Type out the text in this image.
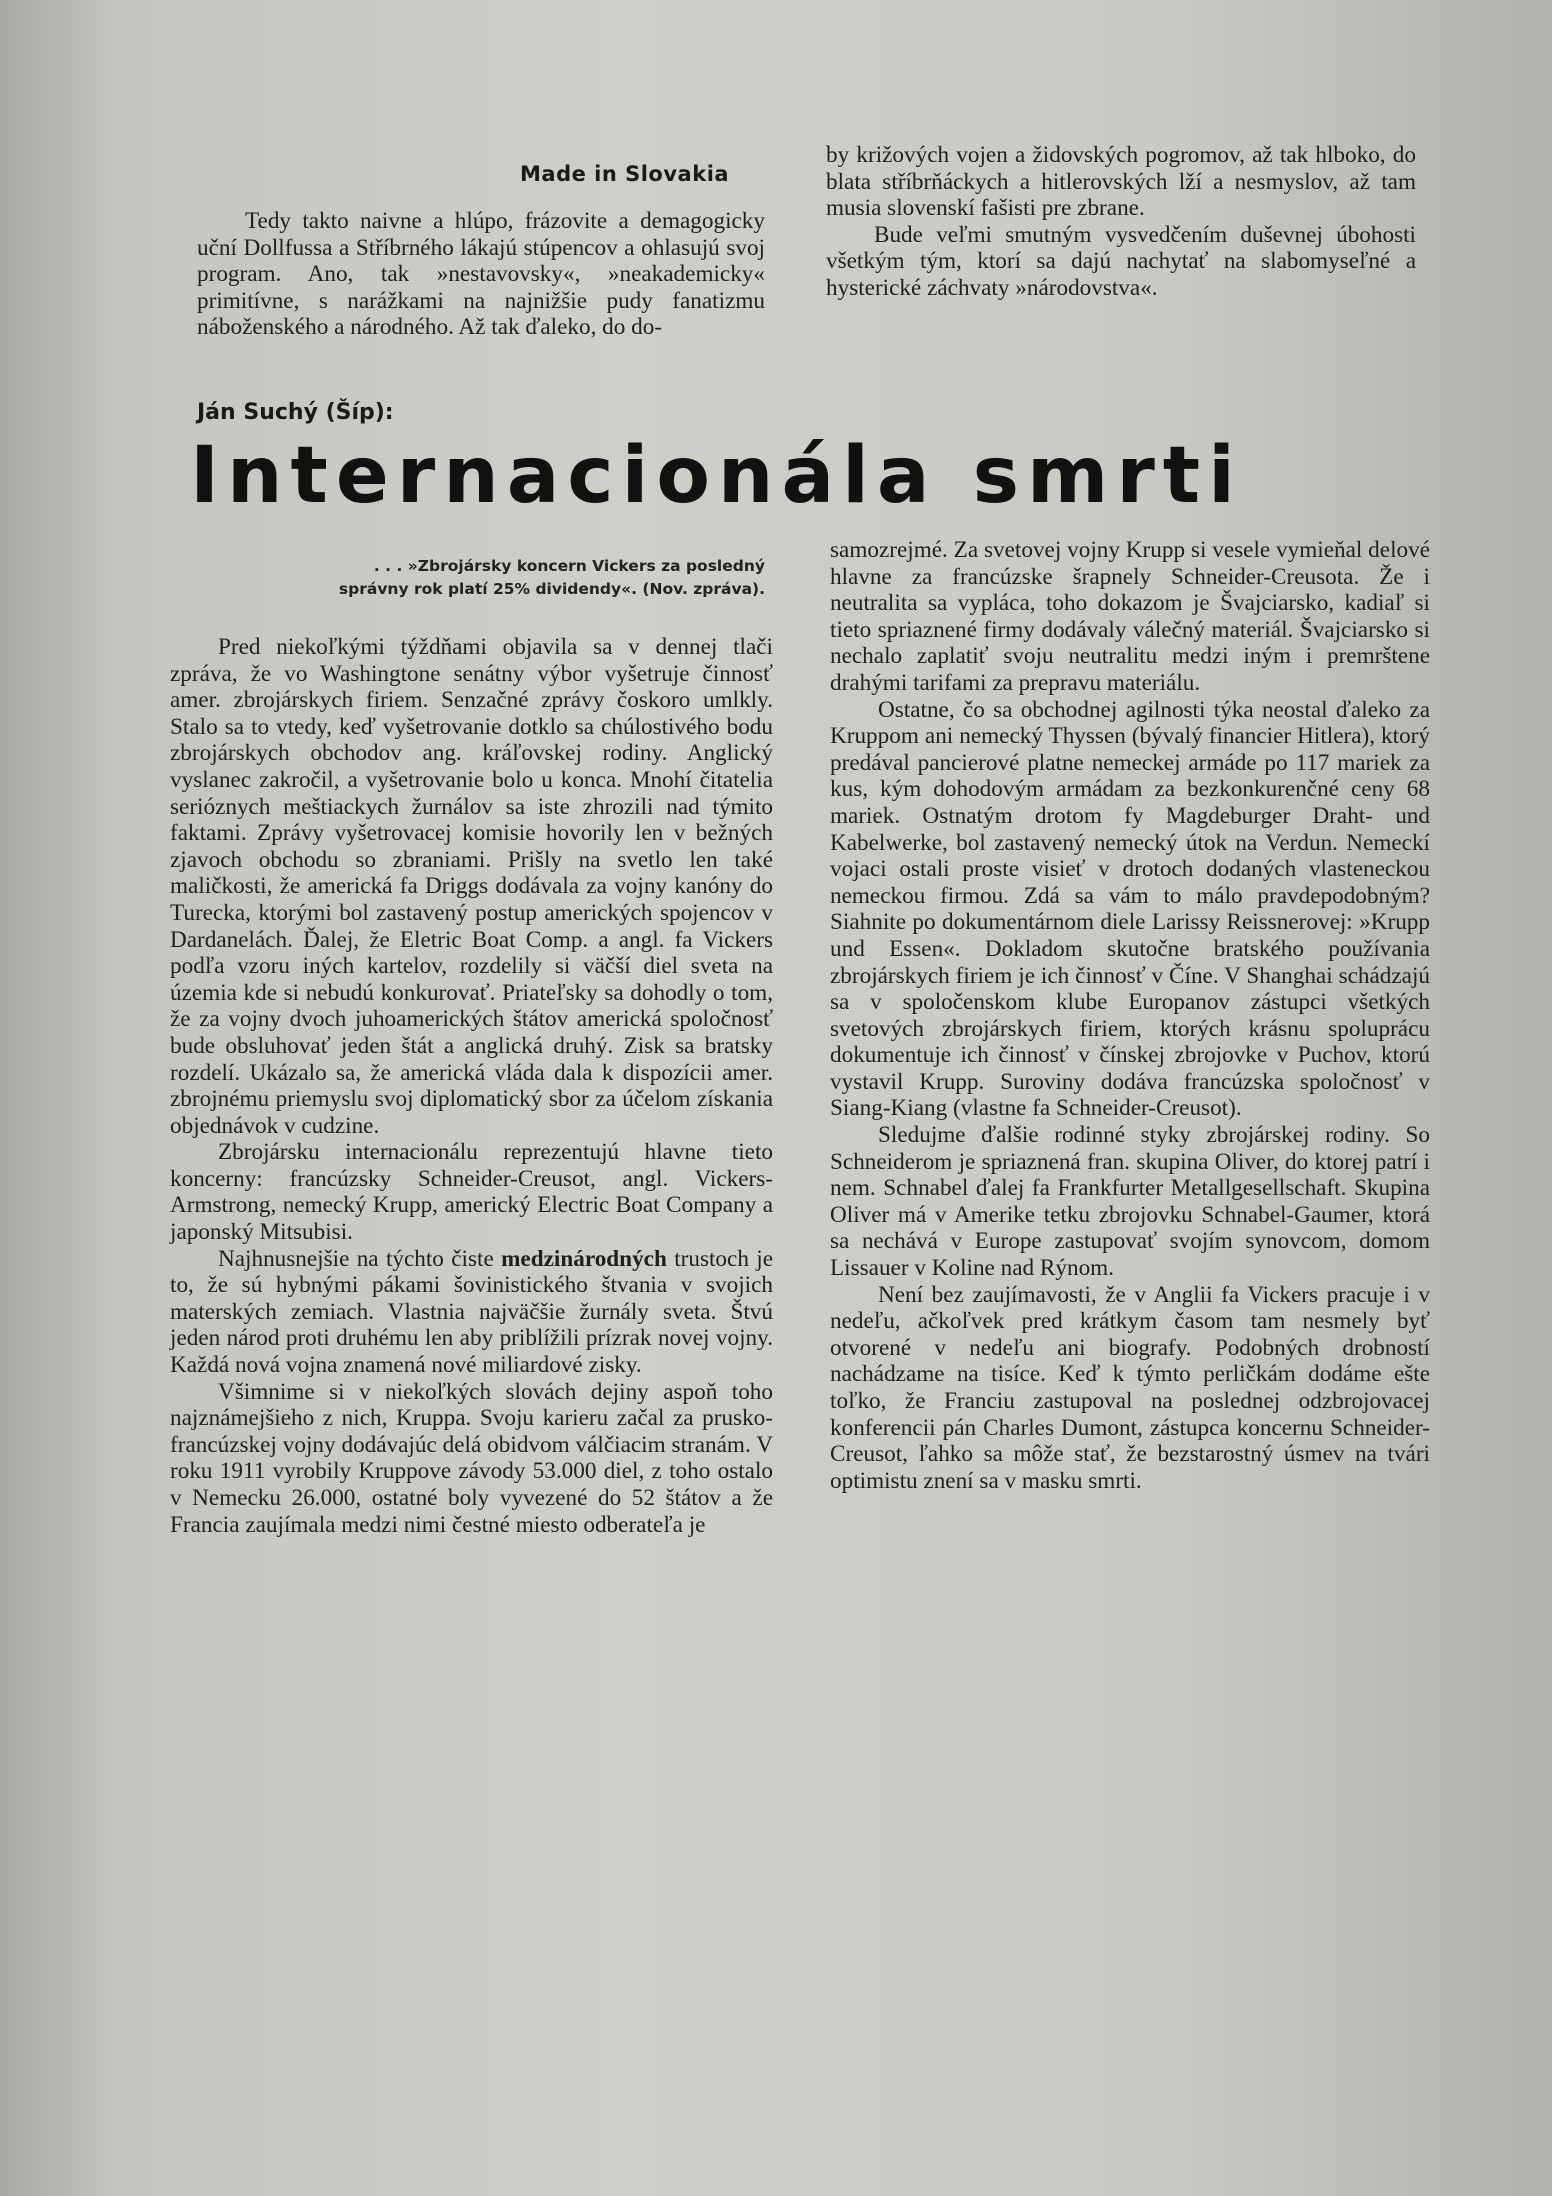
Made in Slovakia

Tedy takto naivne a hlúpo, frázovite a demagogicky uční Dollfussa a Stříbrného lákajú stúpencov a ohlasujú svoj program. Ano, tak »nestavovsky«, »neakademicky« primitívne, s narážkami na najnižšie pudy fanatizmu náboženského a národného. Až tak ďaleko, do do-

by križových vojen a židovských pogromov, až tak hlboko, do blata stříbrňáckych a hitlerovských lží a nesmyslov, až tam musia slovenskí fašisti pre zbrane.

Bude veľmi smutným vysvedčením duševnej úbohosti všetkým tým, ktorí sa dajú nachytať na slabomyseľné a hysterické záchvaty »národovstva«.

Ján Suchý (Šíp):
Internacionála smrti
. . . »Zbrojársky koncern Vickers za posledný správny rok platí 25% dividendy«. (Nov. zpráva).

Pred niekoľkými týždňami objavila sa v dennej tlači zpráva, že vo Washingtone senátny výbor vyšetruje činnosť amer. zbrojárskych firiem. Senzačné zprávy čoskoro umlkly. Stalo sa to vtedy, keď vyšetrovanie dotklo sa chúlostivého bodu zbrojárskych obchodov ang. kráľovskej rodiny. Anglický vyslanec zakročil, a vyšetrovanie bolo u konca. Mnohí čitatelia serióznych meštiackych žurnálov sa iste zhrozili nad týmito faktami. Zprávy vyšetrovacej komisie hovorily len v bežných zjavoch obchodu so zbraniami. Prišly na svetlo len také maličkosti, že americká fa Driggs dodávala za vojny kanóny do Turecka, ktorými bol zastavený postup amerických spojencov v Dardanelách. Ďalej, že Eletric Boat Comp. a angl. fa Vickers podľa vzoru iných kartelov, rozdelily si väčší diel sveta na územia kde si nebudú konkurovať. Priateľsky sa dohodly o tom, že za vojny dvoch juhoamerických štátov americká spoločnosť bude obsluhovať jeden štát a anglická druhý. Zisk sa bratsky rozdelí. Ukázalo sa, že americká vláda dala k dispozícii amer. zbrojnému priemyslu svoj diplomatický sbor za účelom získania objednávok v cudzine.

Zbrojársku internacionálu reprezentujú hlavne tieto koncerny: francúzsky Schneider-Creusot, angl. Vickers-Armstrong, nemecký Krupp, americký Electric Boat Company a japonský Mitsubisi.

Najhnusnejšie na týchto čiste medzinárodných trustoch je to, že sú hybnými pákami šovinistického štvania v svojich materských zemiach. Vlastnia najväčšie žurnály sveta. Štvú jeden národ proti druhému len aby priblížili prízrak novej vojny. Každá nová vojna znamená nové miliardové zisky.

Všimnime si v niekoľkých slovách dejiny aspoň toho najznámejšieho z nich, Kruppa. Svoju karieru začal za prusko-francúzskej vojny dodávajúc delá obidvom válčiacim stranám. V roku 1911 vyrobily Kruppove závody 53.000 diel, z toho ostalo v Nemecku 26.000, ostatné boly vyvezené do 52 štátov a že Francia zaujímala medzi nimi čestné miesto odberateľa je

samozrejmé. Za svetovej vojny Krupp si vesele vymieňal delové hlavne za francúzske šrapnely Schneider-Creusota. Že i neutralita sa vypláca, toho dokazom je Švajciarsko, kadiaľ si tieto spriaznené firmy dodávaly válečný materiál. Švajciarsko si nechalo zaplatiť svoju neutralitu medzi iným i premrštene drahými tarifami za prepravu materiálu.

Ostatne, čo sa obchodnej agilnosti týka neostal ďaleko za Kruppom ani nemecký Thyssen (bývalý financier Hitlera), ktorý predával pancierové platne nemeckej armáde po 117 mariek za kus, kým dohodovým armádam za bezkonkurenčné ceny 68 mariek. Ostnatým drotom fy Magdeburger Draht- und Kabelwerke, bol zastavený nemecký útok na Verdun. Nemeckí vojaci ostali proste visieť v drotoch dodaných vlasteneckou nemeckou firmou. Zdá sa vám to málo pravdepodobným? Siahnite po dokumentárnom diele Larissy Reissnerovej: »Krupp und Essen«. Dokladom skutočne bratského používania zbrojárskych firiem je ich činnosť v Číne. V Shanghai schádzajú sa v spoločenskom klube Europanov zástupci všetkých svetových zbrojárskych firiem, ktorých krásnu spoluprácu dokumentuje ich činnosť v čínskej zbrojovke v Puchov, ktorú vystavil Krupp. Suroviny dodáva francúzska spoločnosť v Siang-Kiang (vlastne fa Schneider-Creusot).

Sledujme ďalšie rodinné styky zbrojárskej rodiny. So Schneiderom je spriaznená fran. skupina Oliver, do ktorej patrí i nem. Schnabel ďalej fa Frankfurter Metallgesellschaft. Skupina Oliver má v Amerike tetku zbrojovku Schnabel-Gaumer, ktorá sa nechává v Europe zastupovať svojím synovcom, domom Lissauer v Koline nad Rýnom.

Není bez zaujímavosti, že v Anglii fa Vickers pracuje i v nedeľu, ačkoľvek pred krátkym časom tam nesmely byť otvorené v nedeľu ani biografy. Podobných drobností nachádzame na tisíce. Keď k týmto perličkám dodáme ešte toľko, že Franciu zastupoval na poslednej odzbrojovacej konferencii pán Charles Dumont, zástupca koncernu Schneider-Creusot, ľahko sa môže stať, že bezstarostný úsmev na tvári optimistu znení sa v masku smrti.
